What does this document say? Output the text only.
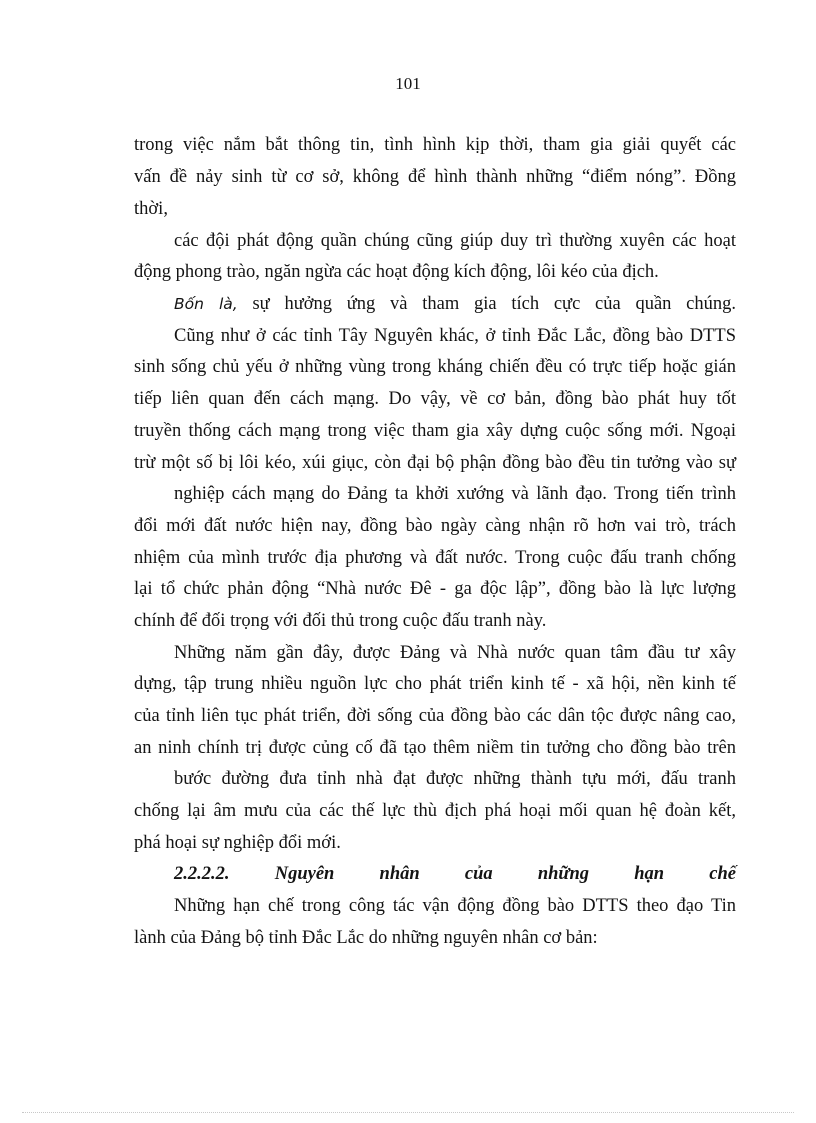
101
trong việc nắm bắt thông tin, tình hình kịp thời, tham gia giải quyết các
vấn đề nảy sinh từ cơ sở, không để hình thành những “điểm nóng”. Đồng
thời,
các đội phát động quần chúng cũng giúp duy trì thường xuyên các hoạt
động phong trào, ngăn ngừa các hoạt động kích động, lôi kéo của địch.
Bốn là, sự hưởng ứng và tham gia tích cực của quần chúng.
Cũng như ở các tỉnh Tây Nguyên khác, ở tỉnh Đắc Lắc, đồng bào DTTS
sinh sống chủ yếu ở những vùng trong kháng chiến đều có trực tiếp hoặc gián
tiếp liên quan đến cách mạng. Do vậy, về cơ bản, đồng bào phát huy tốt
truyền thống cách mạng trong việc tham gia xây dựng cuộc sống mới. Ngoại
trừ một số bị lôi kéo, xúi giục, còn đại bộ phận đồng bào đều tin tưởng vào sự
nghiệp cách mạng do Đảng ta khởi xướng và lãnh đạo. Trong tiến trình
đổi mới đất nước hiện nay, đồng bào ngày càng nhận rõ hơn vai trò, trách
nhiệm của mình trước địa phương và đất nước. Trong cuộc đấu tranh chống
lại tổ chức phản động “Nhà nước Đê - ga độc lập”, đồng bào là lực lượng
chính để đối trọng với đối thủ trong cuộc đấu tranh này.
Những năm gần đây, được Đảng và Nhà nước quan tâm đầu tư xây
dựng, tập trung nhiều nguồn lực cho phát triển kinh tế - xã hội, nền kinh tế
của tỉnh liên tục phát triển, đời sống của đồng bào các dân tộc được nâng cao,
an ninh chính trị được củng cố đã tạo thêm niềm tin tưởng cho đồng bào trên
bước đường đưa tỉnh nhà đạt được những thành tựu mới, đấu tranh
chống lại âm mưu của các thế lực thù địch phá hoại mối quan hệ đoàn kết,
phá hoại sự nghiệp đổi mới.
2.2.2.2. Nguyên nhân của những hạn chế
Những hạn chế trong công tác vận động đồng bào DTTS theo đạo Tin
lành của Đảng bộ tỉnh Đắc Lắc do những nguyên nhân cơ bản:
